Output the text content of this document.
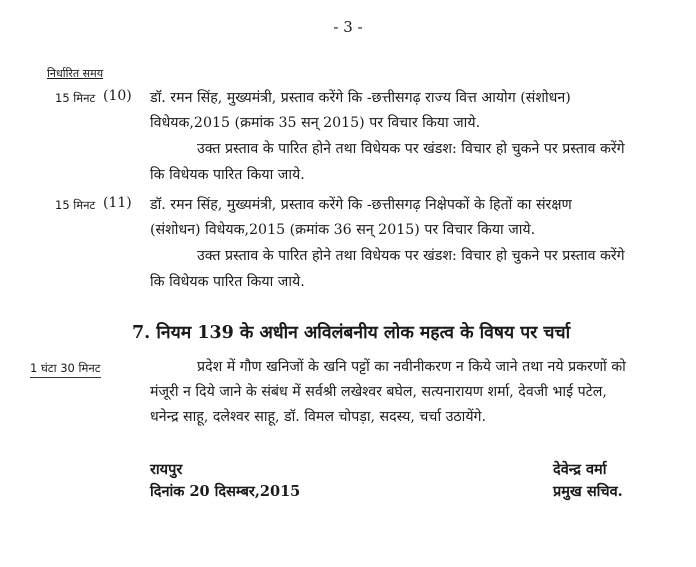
- 3 -
निर्धारित समय
15 मिनट (10) डॉ. रमन सिंह, मुख्यमंत्री, प्रस्ताव करेंगे कि -छत्तीसगढ़ राज्य वित्त आयोग (संशोधन)
विधेयक,2015 (क्रमांक 35 सन् 2015) पर विचार किया जाये.
उक्त प्रस्ताव के पारित होने तथा विधेयक पर खंडश: विचार हो चुकने पर प्रस्ताव करेंगे
कि विधेयक पारित किया जाये.
15 मिनट (11) डॉ. रमन सिंह, मुख्यमंत्री, प्रस्ताव करेंगे कि -छत्तीसगढ़ निक्षेपकों के हितों का संरक्षण
(संशोधन) विधेयक,2015 (क्रमांक 36 सन् 2015) पर विचार किया जाये.
उक्त प्रस्ताव के पारित होने तथा विधेयक पर खंडश: विचार हो चुकने पर प्रस्ताव करेंगे
कि विधेयक पारित किया जाये.
7. नियम 139 के अधीन अविलंबनीय लोक महत्व के विषय पर चर्चा
1 घंटा 30 मिनट	प्रदेश में गौण खनिजों के खनि पट्टों का नवीनीकरण न किये जाने तथा नये प्रकरणों को
मंजूरी न दिये जाने के संबंध में सर्वश्री लखेश्वर बघेल, सत्यनारायण शर्मा, देवजी भाई पटेल,
धनेन्द्र साहू, दलेश्वर साहू, डॉ. विमल चोपड़ा, सदस्य, चर्चा उठायेंगे.
रायपुर
दिनांक 20 दिसम्बर,2015
देवेन्द्र वर्मा
प्रमुख सचिव.
